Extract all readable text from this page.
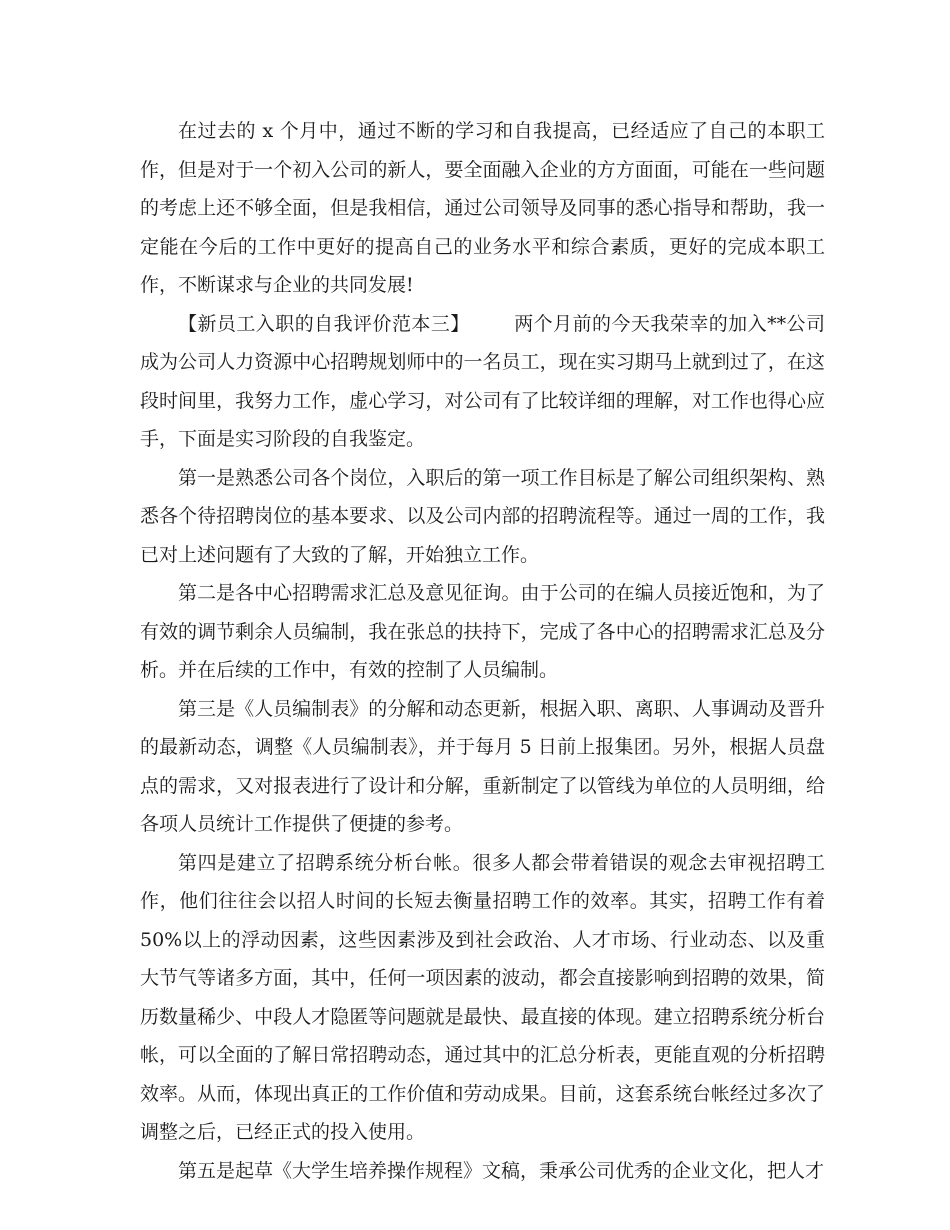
在过去的 x 个月中，通过不断的学习和自我提高，已经适应了自己的本职工作，但是对于一个初入公司的新人，要全面融入企业的方方面面，可能在一些问题的考虑上还不够全面，但是我相信，通过公司领导及同事的悉心指导和帮助，我一定能在今后的工作中更好的提高自己的业务水平和综合素质，更好的完成本职工作，不断谋求与企业的共同发展!

【新员工入职的自我评价范本三】 两个月前的今天我荣幸的加入**公司成为公司人力资源中心招聘规划师中的一名员工，现在实习期马上就到过了，在这段时间里，我努力工作，虚心学习，对公司有了比较详细的理解，对工作也得心应手，下面是实习阶段的自我鉴定。

第一是熟悉公司各个岗位，入职后的第一项工作目标是了解公司组织架构、熟悉各个待招聘岗位的基本要求、以及公司内部的招聘流程等。通过一周的工作，我已对上述问题有了大致的了解，开始独立工作。

第二是各中心招聘需求汇总及意见征询。由于公司的在编人员接近饱和，为了有效的调节剩余人员编制，我在张总的扶持下，完成了各中心的招聘需求汇总及分析。并在后续的工作中，有效的控制了人员编制。

第三是《人员编制表》的分解和动态更新，根据入职、离职、人事调动及晋升的最新动态，调整《人员编制表》，并于每月 5 日前上报集团。另外，根据人员盘点的需求，又对报表进行了设计和分解，重新制定了以管线为单位的人员明细，给各项人员统计工作提供了便捷的参考。

第四是建立了招聘系统分析台帐。很多人都会带着错误的观念去审视招聘工作，他们往往会以招人时间的长短去衡量招聘工作的效率。其实，招聘工作有着 50%以上的浮动因素，这些因素涉及到社会政治、人才市场、行业动态、以及重大节气等诸多方面，其中，任何一项因素的波动，都会直接影响到招聘的效果，简历数量稀少、中段人才隐匿等问题就是最快、最直接的体现。建立招聘系统分析台帐，可以全面的了解日常招聘动态，通过其中的汇总分析表，更能直观的分析招聘效率。从而，体现出真正的工作价值和劳动成果。目前，这套系统台帐经过多次了调整之后，已经正式的投入使用。

第五是起草《大学生培养操作规程》文稿，秉承公司优秀的企业文化，把人才
